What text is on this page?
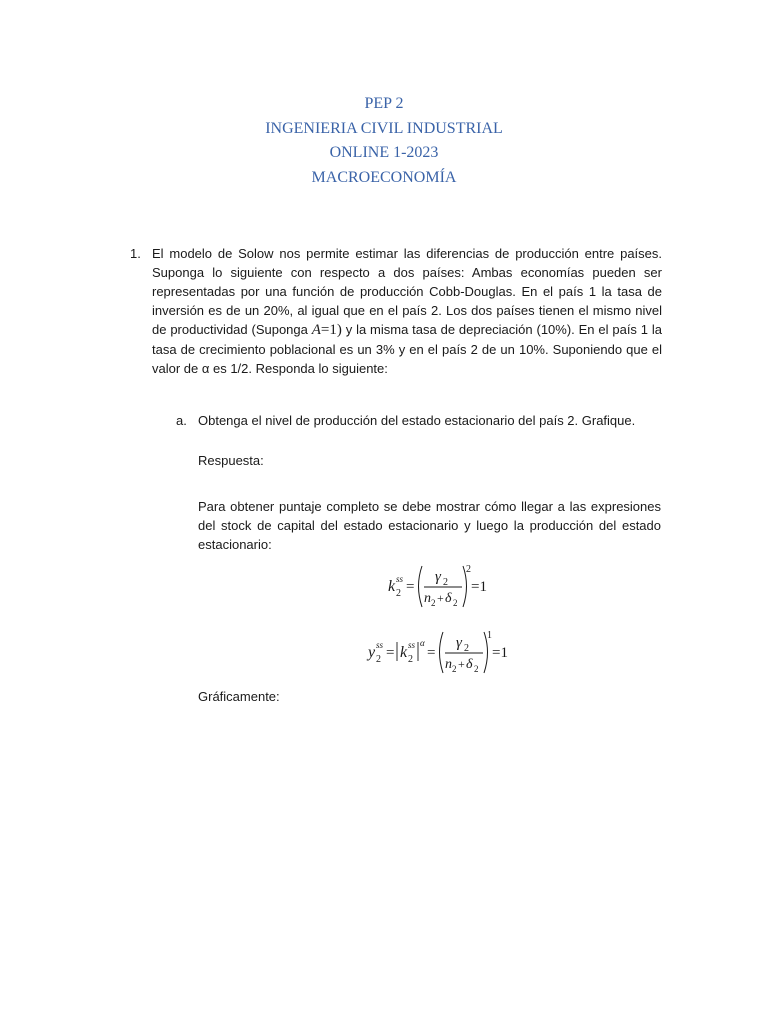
PEP 2
INGENIERIA CIVIL INDUSTRIAL
ONLINE 1-2023
MACROECONOMÍA
1. El modelo de Solow nos permite estimar las diferencias de producción entre países. Suponga lo siguiente con respecto a dos países: Ambas economías pueden ser representadas por una función de producción Cobb-Douglas. En el país 1 la tasa de inversión es de un 20%, al igual que en el país 2. Los dos países tienen el mismo nivel de productividad (Suponga A=1) y la misma tasa de depreciación (10%). En el país 1 la tasa de crecimiento poblacional es un 3% y en el país 2 de un 10%. Suponiendo que el valor de α es 1/2. Responda lo siguiente:

a. Obtenga el nivel de producción del estado estacionario del país 2. Grafique.
Respuesta:
Para obtener puntaje completo se debe mostrar cómo llegar a las expresiones del stock de capital del estado estacionario y luego la producción del estado estacionario:
k 2
ss =
γ 2
n 2 + δ 2
2
=1
y 2
ss = k 2
ss α
=
γ 2
n 2 + δ 2
1
=1
Gráficamente:
